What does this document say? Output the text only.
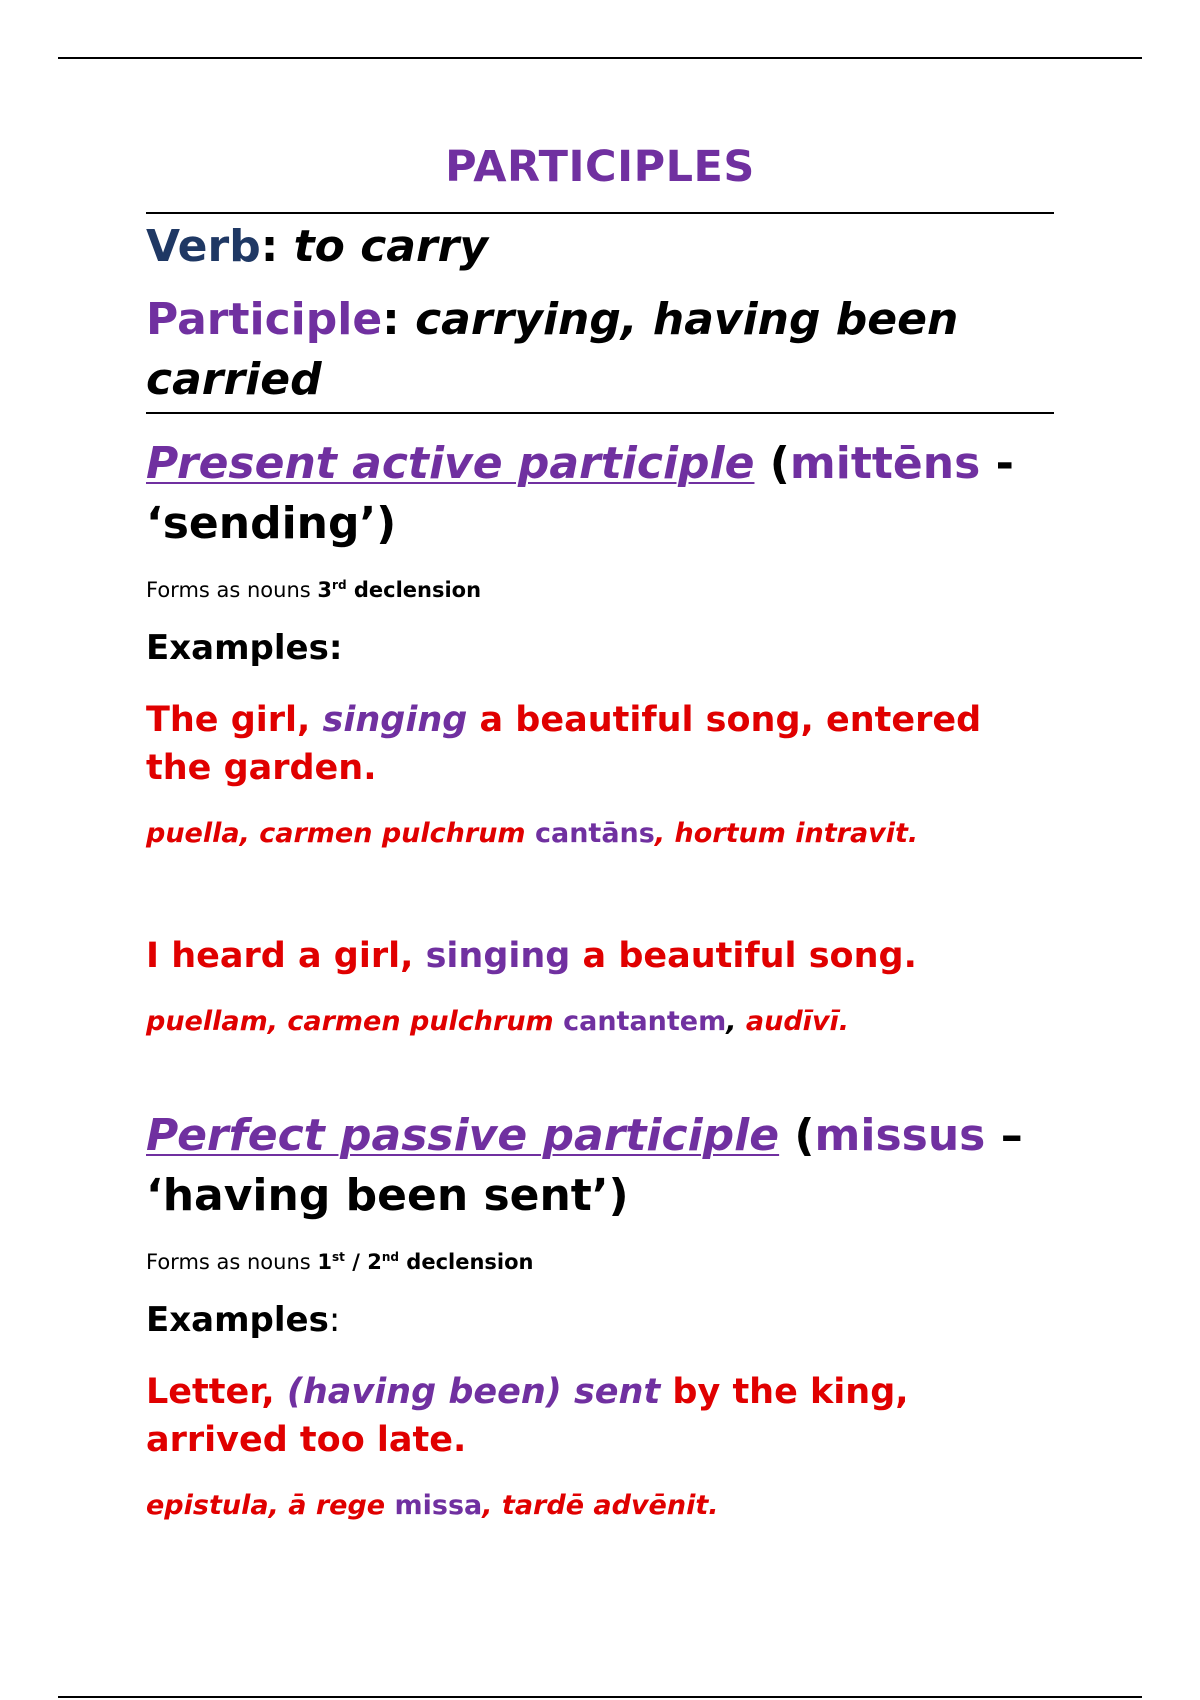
PARTICIPLES
Verb: to carry
Participle: carrying, having been carried
Present active participle (mittēns - ‘sending’)
Forms as nouns 3rd declension
Examples:
The girl, singing a beautiful song, entered the garden.
puella, carmen pulchrum cantāns, hortum intravit.
I heard a girl, singing a beautiful song.
puellam, carmen pulchrum cantantem, audīvī.
Perfect passive participle (missus – ‘having been sent’)
Forms as nouns 1st / 2nd declension
Examples:
Letter, (having been) sent by the king, arrived too late.
epistula, ā rege missa, tardē advēnit.
